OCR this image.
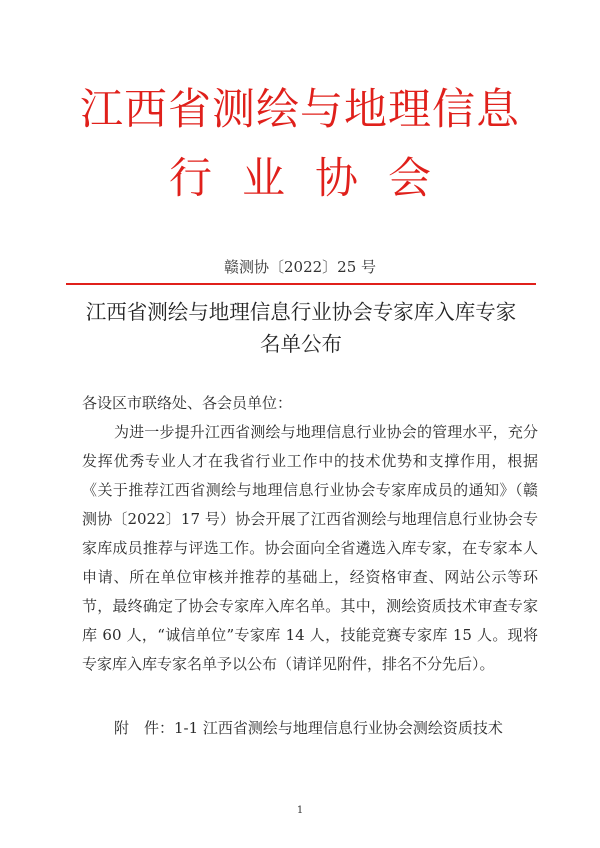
江西省测绘与地理信息
行业协会
赣测协〔2022〕25 号
江西省测绘与地理信息行业协会专家库入库专家名单公布
各设区市联络处、各会员单位：
为进一步提升江西省测绘与地理信息行业协会的管理水平，充分发挥优秀专业人才在我省行业工作中的技术优势和支撑作用，根据《关于推荐江西省测绘与地理信息行业协会专家库成员的通知》（赣测协〔2022〕17 号）协会开展了江西省测绘与地理信息行业协会专家库成员推荐与评选工作。协会面向全省遴选入库专家，在专家本人申请、所在单位审核并推荐的基础上，经资格审查、网站公示等环节，最终确定了协会专家库入库名单。其中，测绘资质技术审查专家库 60 人，“诚信单位”专家库 14 人，技能竞赛专家库 15 人。现将专家库入库专家名单予以公布（请详见附件，排名不分先后）。
附　件：1-1 江西省测绘与地理信息行业协会测绘资质技术
1
